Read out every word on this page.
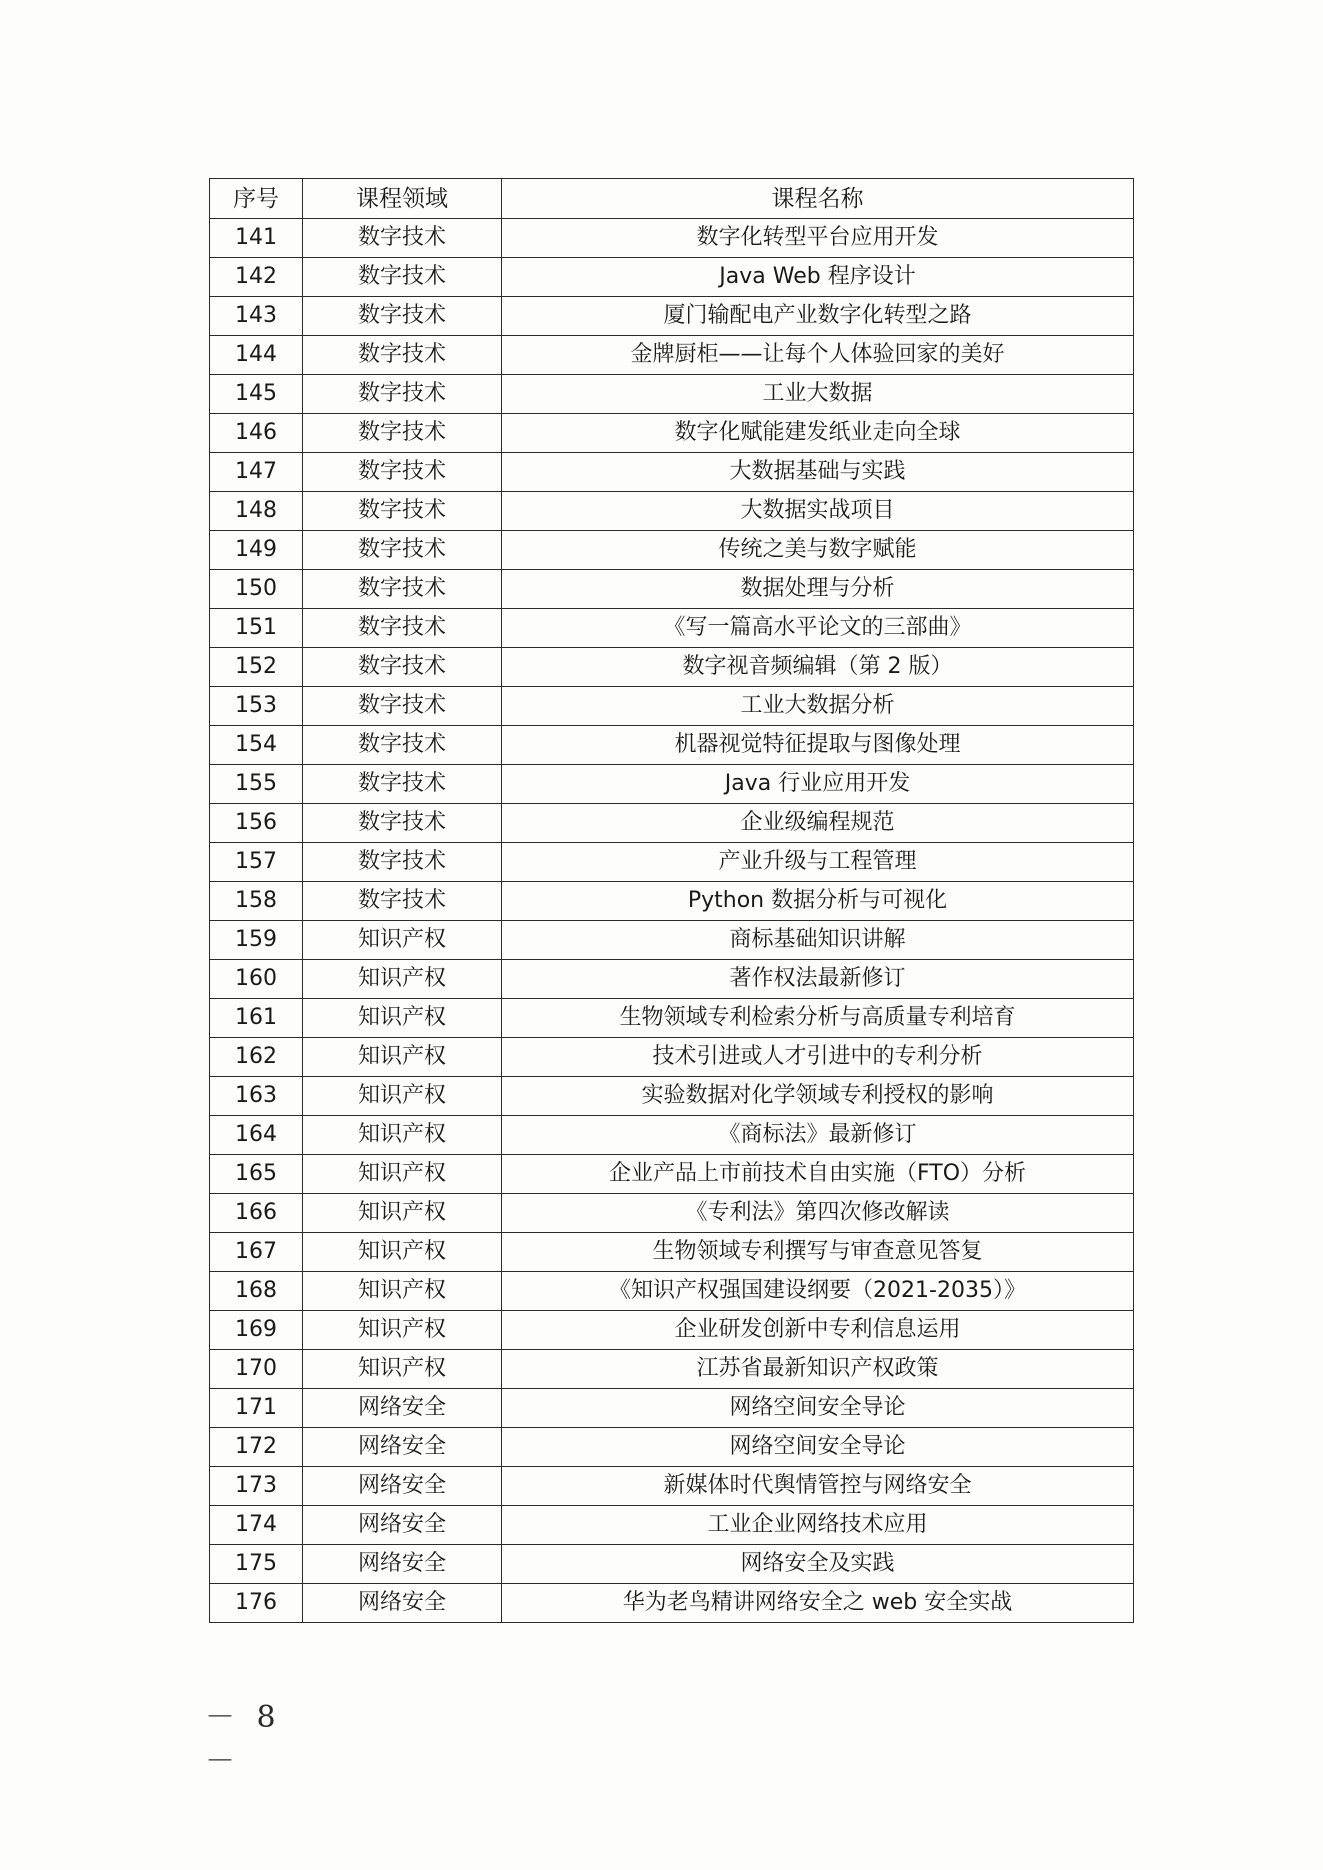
序号	课程领域	课程名称
141	数字技术	数字化转型平台应用开发
142	数字技术	Java Web 程序设计
143	数字技术	厦门输配电产业数字化转型之路
144	数字技术	金牌厨柜——让每个人体验回家的美好
145	数字技术	工业大数据
146	数字技术	数字化赋能建发纸业走向全球
147	数字技术	大数据基础与实践
148	数字技术	大数据实战项目
149	数字技术	传统之美与数字赋能
150	数字技术	数据处理与分析
151	数字技术	《写一篇高水平论文的三部曲》
152	数字技术	数字视音频编辑（第 2 版）
153	数字技术	工业大数据分析
154	数字技术	机器视觉特征提取与图像处理
155	数字技术	Java 行业应用开发
156	数字技术	企业级编程规范
157	数字技术	产业升级与工程管理
158	数字技术	Python 数据分析与可视化
159	知识产权	商标基础知识讲解
160	知识产权	著作权法最新修订
161	知识产权	生物领域专利检索分析与高质量专利培育
162	知识产权	技术引进或人才引进中的专利分析
163	知识产权	实验数据对化学领域专利授权的影响
164	知识产权	《商标法》最新修订
165	知识产权	企业产品上市前技术自由实施（FTO）分析
166	知识产权	《专利法》第四次修改解读
167	知识产权	生物领域专利撰写与审查意见答复
168	知识产权	《知识产权强国建设纲要（2021-2035）》
169	知识产权	企业研发创新中专利信息运用
170	知识产权	江苏省最新知识产权政策
171	网络安全	网络空间安全导论
172	网络安全	网络空间安全导论
173	网络安全	新媒体时代舆情管控与网络安全
174	网络安全	工业企业网络技术应用
175	网络安全	网络安全及实践
176	网络安全	华为老鸟精讲网络安全之 web 安全实战
－ 8 －
